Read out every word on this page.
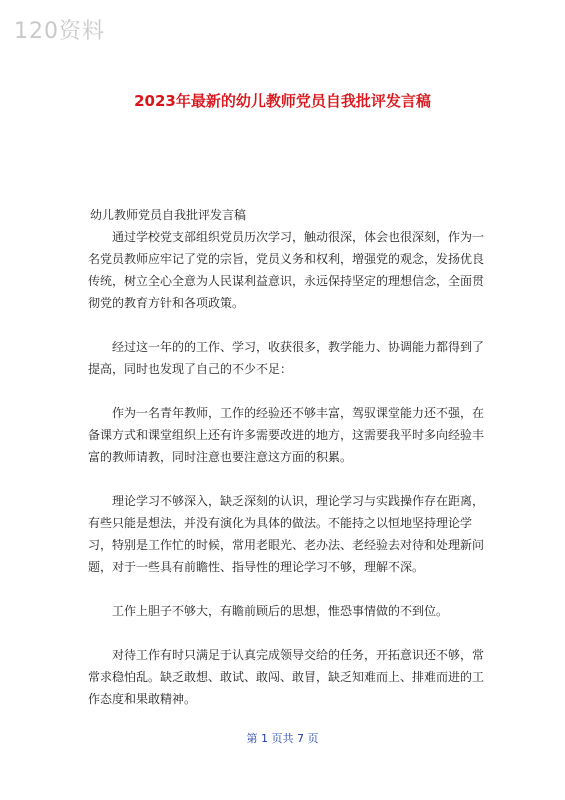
120资料
2023年最新的幼儿教师党员自我批评发言稿

幼儿教师党员自我批评发言稿

通过学校党支部组织党员历次学习，触动很深，体会也很深刻，作为一名党员教师应牢记了党的宗旨，党员义务和权利，增强党的观念，发扬优良传统，树立全心全意为人民谋利益意识，永远保持坚定的理想信念，全面贯彻党的教育方针和各项政策。

经过这一年的的工作、学习，收获很多，教学能力、协调能力都得到了提高，同时也发现了自己的不少不足：

作为一名青年教师，工作的经验还不够丰富，驾驭课堂能力还不强，在备课方式和课堂组织上还有许多需要改进的地方，这需要我平时多向经验丰富的教师请教，同时注意也要注意这方面的积累。

理论学习不够深入，缺乏深刻的认识，理论学习与实践操作存在距离，有些只能是想法，并没有演化为具体的做法。不能持之以恒地坚持理论学习，特别是工作忙的时候，常用老眼光、老办法、老经验去对待和处理新问题，对于一些具有前瞻性、指导性的理论学习不够，理解不深。

工作上胆子不够大，有瞻前顾后的思想，惟恐事情做的不到位。

对待工作有时只满足于认真完成领导交给的任务，开拓意识还不够，常常求稳怕乱。缺乏敢想、敢试、敢闯、敢冒，缺乏知难而上、排难而进的工作态度和果敢精神。

第 1 页共 7 页
